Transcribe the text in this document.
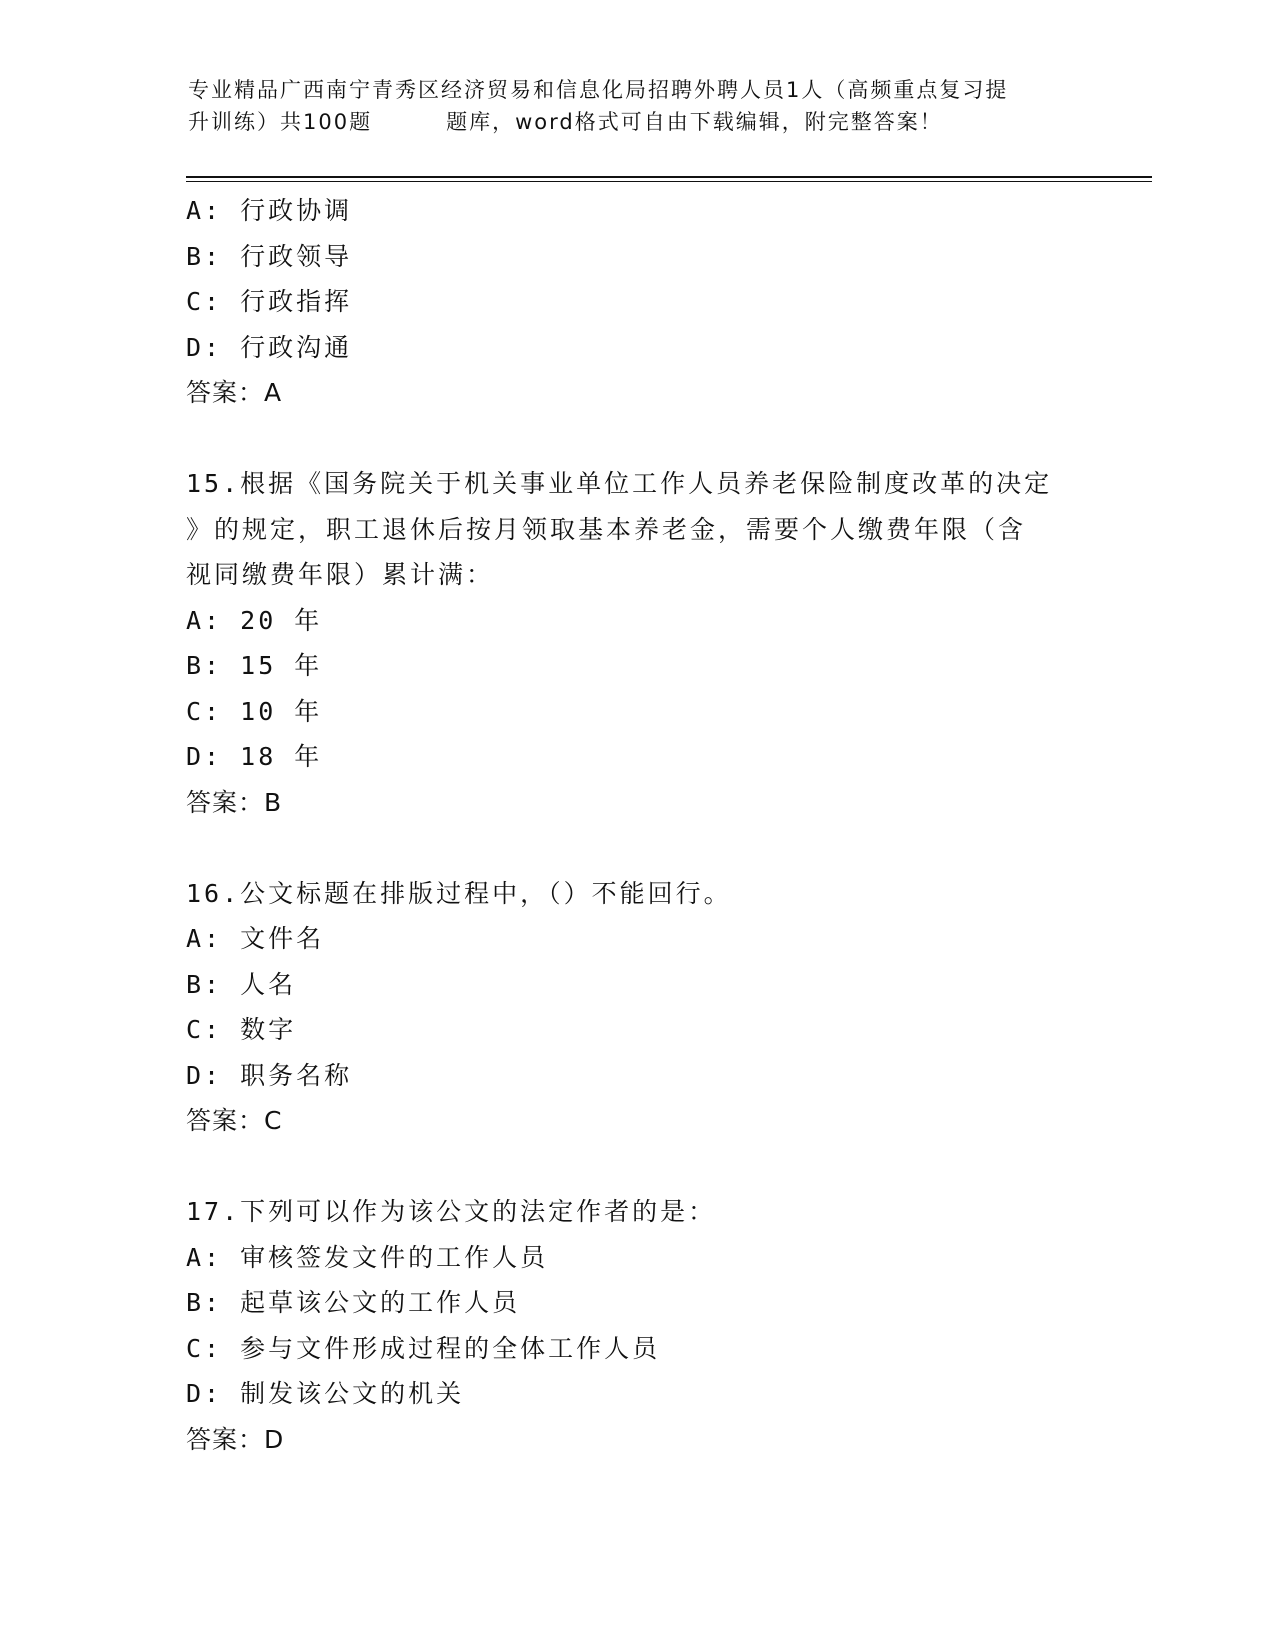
专业精品广西南宁青秀区经济贸易和信息化局招聘外聘人员1人（高频重点复习提
升训练）共100题	题库，word格式可自由下载编辑，附完整答案！

A: 行政协调

B: 行政领导

C: 行政指挥

D: 行政沟通

答案：A

15.根据《国务院关于机关事业单位工作人员养老保险制度改革的决定

》的规定，职工退休后按月领取基本养老金，需要个人缴费年限（含

视同缴费年限）累计满：

A: 20 年

B: 15 年

C: 10 年

D: 18 年

答案：B

16.公文标题在排版过程中，（）不能回行。

A: 文件名

B: 人名

C: 数字

D: 职务名称

答案：C

17.下列可以作为该公文的法定作者的是：

A: 审核签发文件的工作人员

B: 起草该公文的工作人员

C: 参与文件形成过程的全体工作人员

D: 制发该公文的机关

答案：D
